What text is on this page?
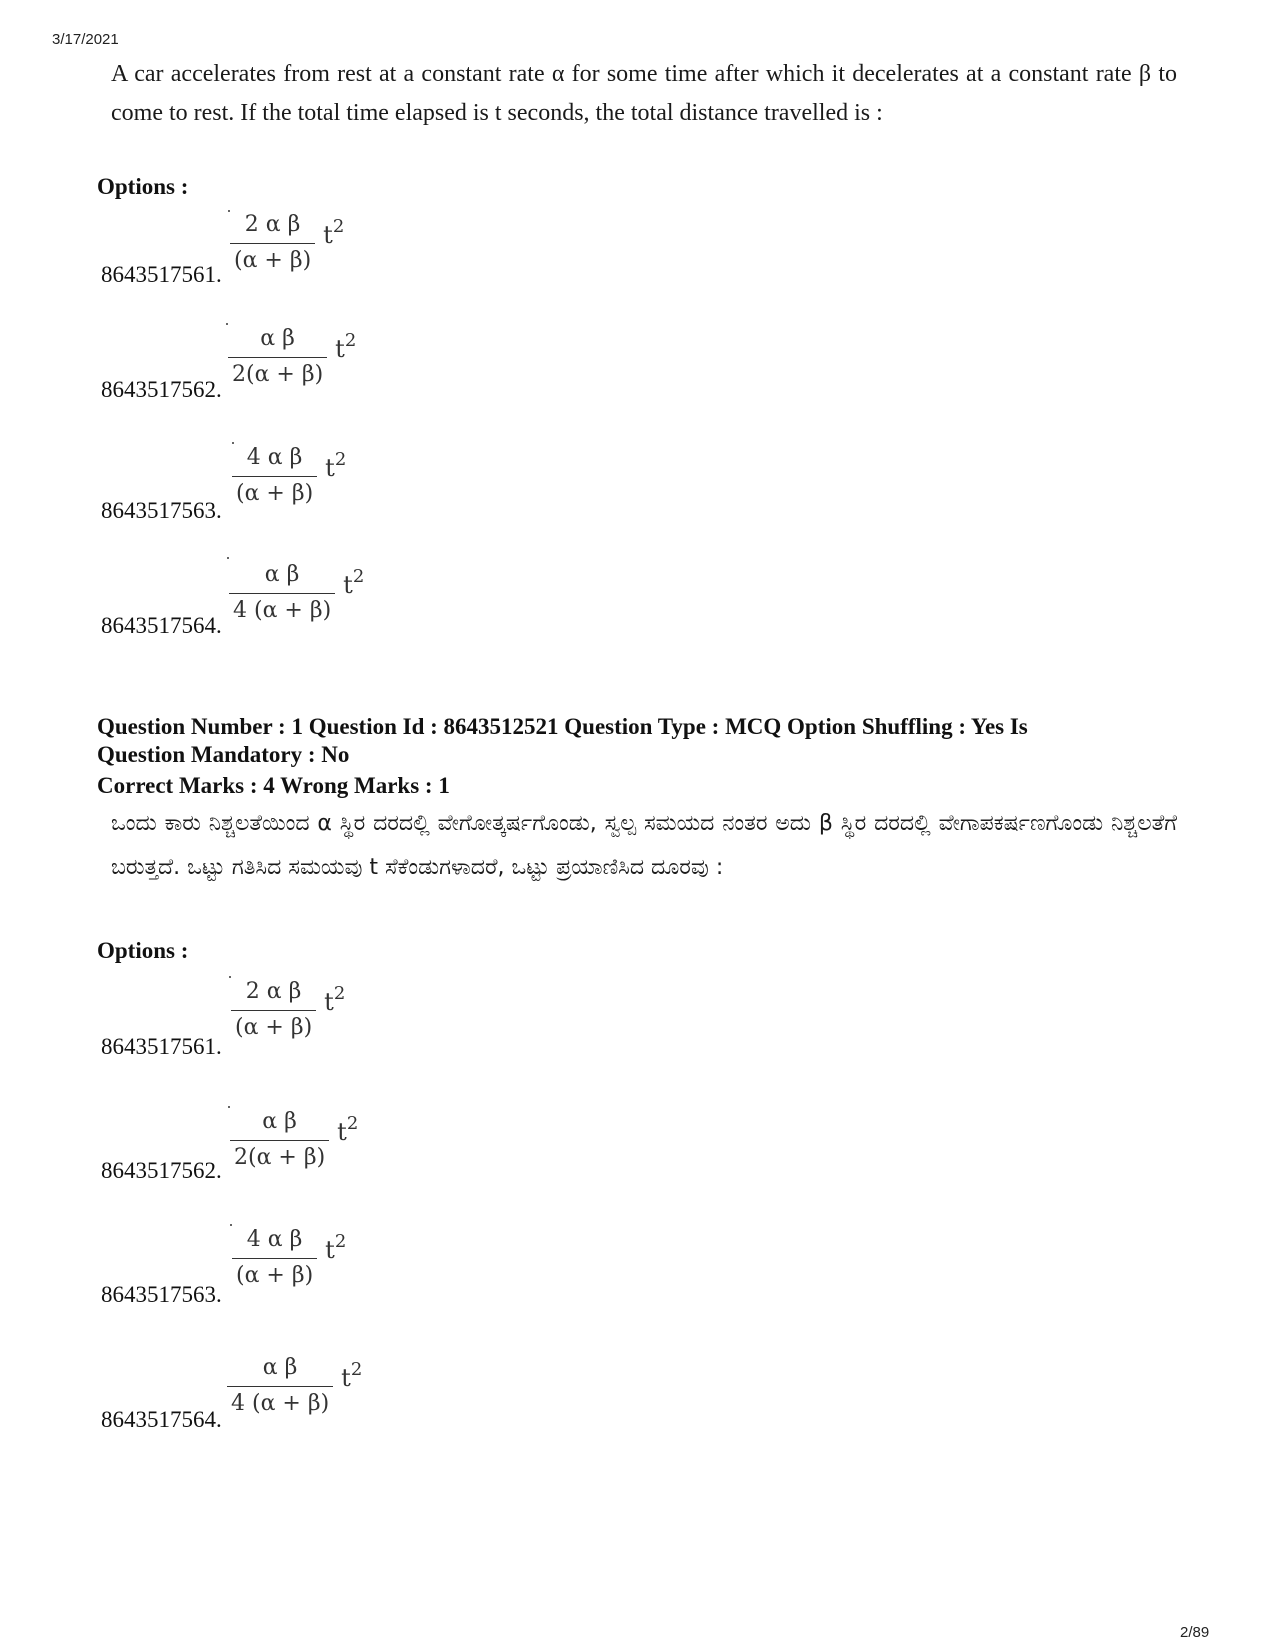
3/17/2021
A car accelerates from rest at a constant rate α for some time after which it decelerates at a constant rate β to come to rest. If the total time elapsed is t seconds, the total distance travelled is :
Options :
$\frac{\text{2 α β}}{(\alpha + \beta)} t^2$
8643517561.
$\frac{\text{α β}}{2(\alpha + \beta)} t^2$
8643517562.
$\frac{\text{4 α β}}{(\alpha + \beta)} t^2$
8643517563.
$\frac{\text{α β}}{4 (\alpha + \beta)} t^2$
8643517564.
Question Number : 1 Question Id : 8643512521 Question Type : MCQ Option Shuffling : Yes Is
Question Mandatory : No
Correct Marks : 4 Wrong Marks : 1
ಒಂದು ಕಾರು ನಿಶ್ಚಲತೆಯಿಂದ α ಸ್ಥಿರ ದರದಲ್ಲಿ ವೇಗೋತ್ಕರ್ಷಗೊಂಡು, ಸ್ವಲ್ಪ ಸಮಯದ ನಂತರ ಅದು β ಸ್ಥಿರ ದರದಲ್ಲಿ ವೇಗಾಪಕರ್ಷಣಗೊಂಡು ನಿಶ್ಚಲತೆಗೆ ಬರುತ್ತದೆ. ಒಟ್ಟು ಗತಿಸಿದ ಸಮಯವು t ಸೆಕೆಂಡುಗಳಾದರೆ, ಒಟ್ಟು ಪ್ರಯಾಣಿಸಿದ ದೂರವು :
Options :
$\frac{\text{2 α β}}{(\alpha + \beta)} t^2$
8643517561.
$\frac{\text{α β}}{2(\alpha + \beta)} t^2$
8643517562.
$\frac{\text{4 α β}}{(\alpha + \beta)} t^2$
8643517563.
$\frac{\text{α β}}{4 (\alpha + \beta)} t^2$
8643517564.
2/89
